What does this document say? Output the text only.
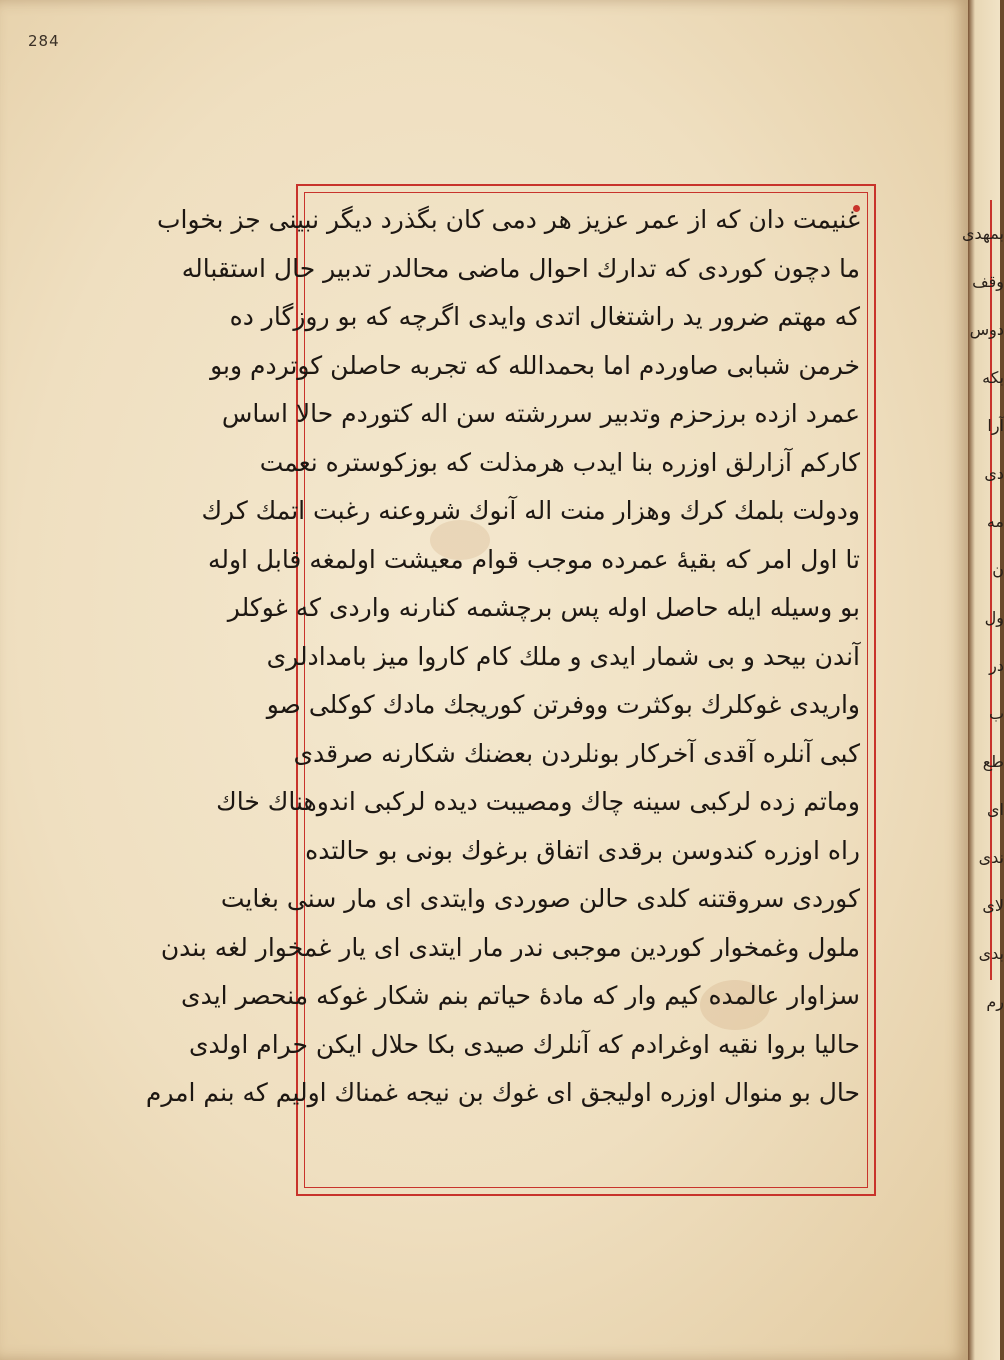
284
غنیمت دان که از عمر عزیز هر دمی کان بگذرد دیگر نبینی جز بخواب
ما دچون کوردی که تدارك احوال ماضی محالدر تدبیر حال استقباله
که مهتم ضرور ید راشتغال اتدی وایدی اگرچه که بو روزگار ده
خرمن شبابی صاوردم اما بحمدالله که تجربه حاصلن کوتردم وبو
عمرد ازده برزحزم وتدبیر سررشته سن اله کتوردم حالا اساس
کارکم آزارلق اوزره بنا ایدب هرمذلت که بوزکوستره نعمت
ودولت بلمك کرك وهزار منت اله آنوك شروعنه رغبت اتمك کرك
تا اول امر که بقیهٔ عمرده موجب قوام معیشت اولمغه قابل اوله
بو وسیله ایله حاصل اوله پس برچشمه کنارنه واردی که غوكلر
آندن بیحد و بی شمار ایدی و ملك کام کاروا میز بامدادلری
واریدی غوكلرك بوکثرت ووفرتن کوریجك مادك کوکلی صو
کبی آنلره آقدی آخرکار بونلردن بعضنك شکارنه صرقدی
وماتم زده لرکبی سینه چاك ومصیبت دیده لرکبی اندوهناك خاك
راه اوزره کندوسن برقدی اتفاق برغوك بونی بو حالتده
کوردی سروقتنه کلدی حالن صوردی وایتدی ای مار سنی بغایت
ملول وغمخوار کوردین موجبی ندر مار ایتدی ای یار غمخوار لغه بندن
سزاوار عالمده کیم وار که مادهٔ حیاتم بنم شکار غوکه منحصر ایدی
حالیا بروا نقیه اوغرادم که آنلرك صیدی بکا حلال ایکن حرام اولدی
حال بو منوال اوزره اولیجق ای غوك بن نیجه غمناك اولیم که بنم امرم
بمهدی
وقف
دوس
بکه
آرا
دی
مه
ن
ول
در
ب
طع
ای
ندی
لای
بدی
رم
